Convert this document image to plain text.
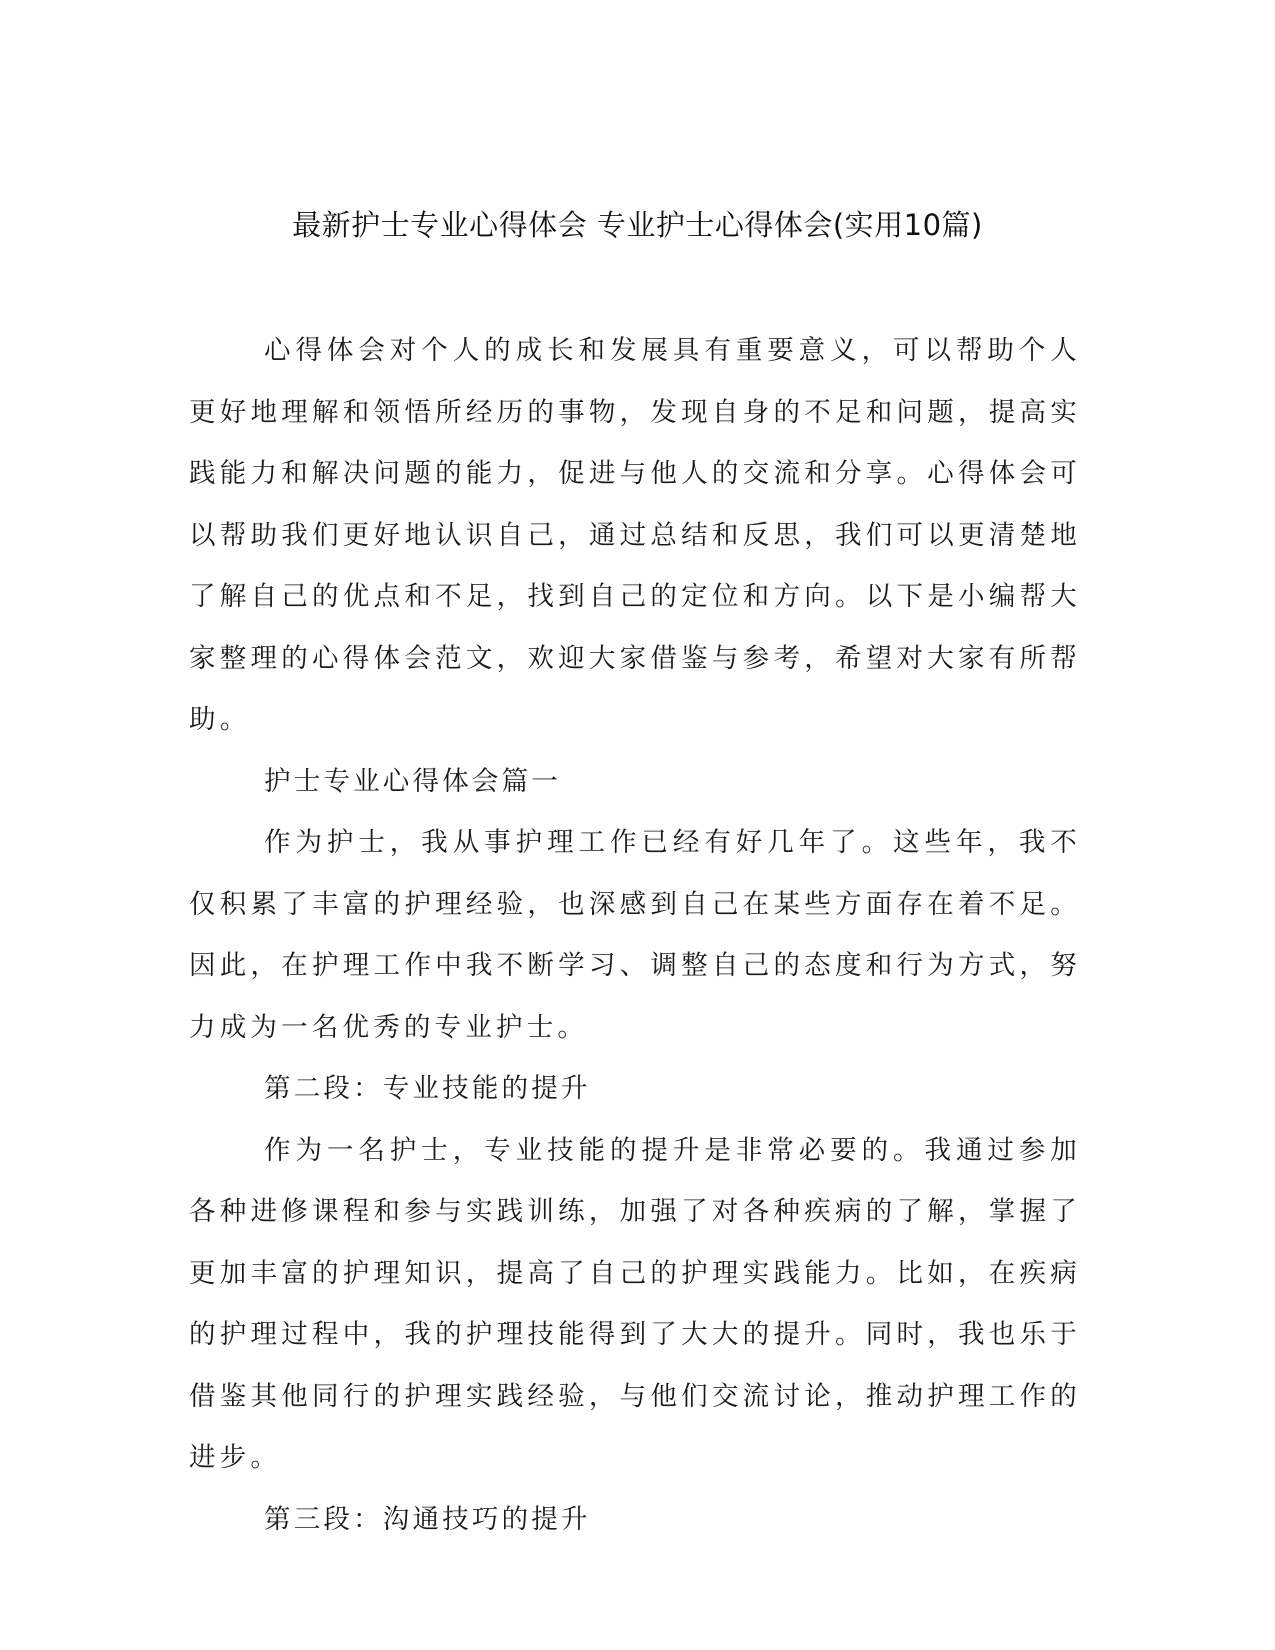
最新护士专业心得体会 专业护士心得体会(实用10篇)

心得体会对个人的成长和发展具有重要意义，可以帮助个人更好地理解和领悟所经历的事物，发现自身的不足和问题，提高实践能力和解决问题的能力，促进与他人的交流和分享。心得体会可以帮助我们更好地认识自己，通过总结和反思，我们可以更清楚地了解自己的优点和不足，找到自己的定位和方向。以下是小编帮大家整理的心得体会范文，欢迎大家借鉴与参考，希望对大家有所帮助。

护士专业心得体会篇一

作为护士，我从事护理工作已经有好几年了。这些年，我不仅积累了丰富的护理经验，也深感到自己在某些方面存在着不足。因此，在护理工作中我不断学习、调整自己的态度和行为方式，努力成为一名优秀的专业护士。

第二段：专业技能的提升

作为一名护士，专业技能的提升是非常必要的。我通过参加各种进修课程和参与实践训练，加强了对各种疾病的了解，掌握了更加丰富的护理知识，提高了自己的护理实践能力。比如，在疾病的护理过程中，我的护理技能得到了大大的提升。同时，我也乐于借鉴其他同行的护理实践经验，与他们交流讨论，推动护理工作的进步。

第三段：沟通技巧的提升
